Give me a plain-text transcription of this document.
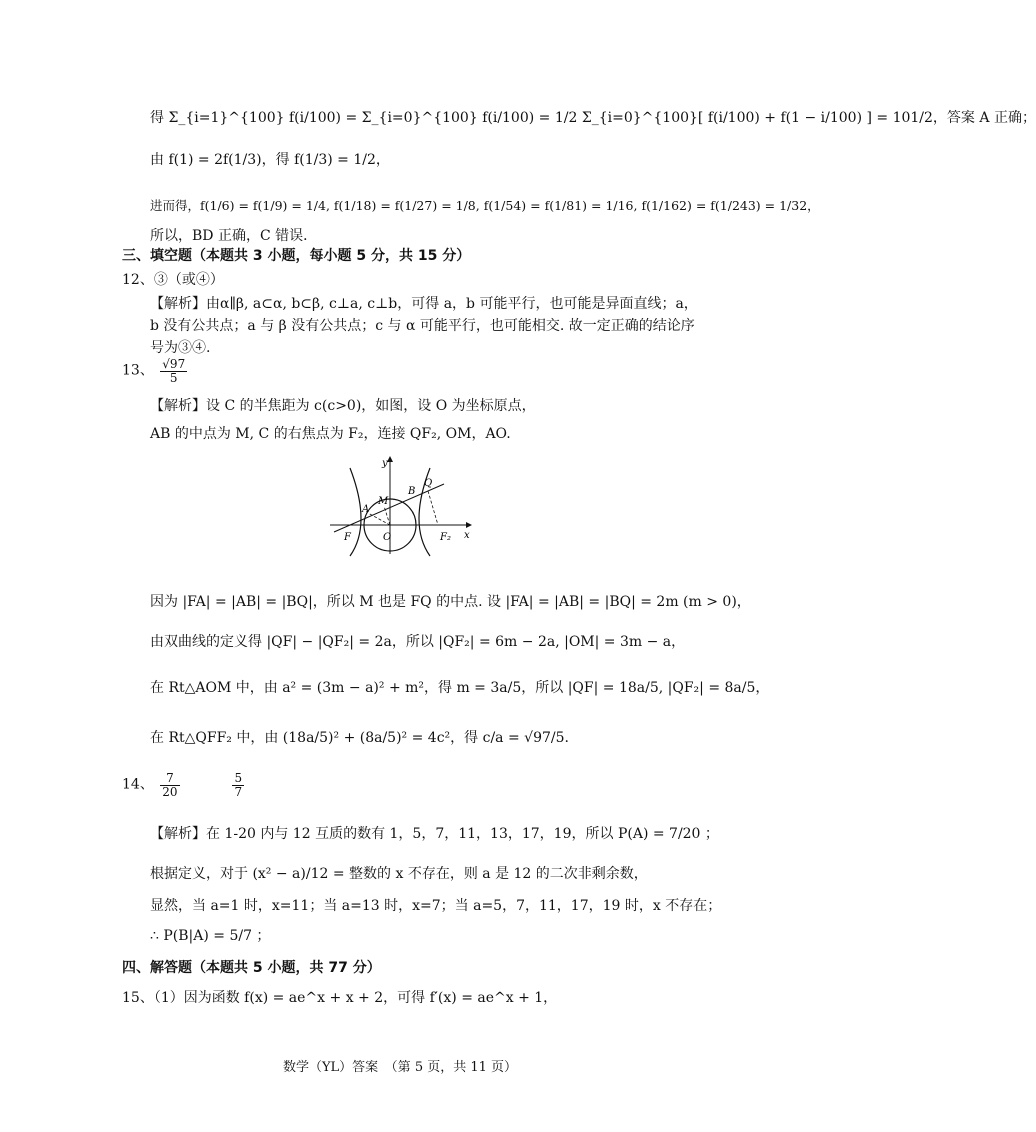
得 Σ_{i=1}^{100} f(i/100) = Σ_{i=0}^{100} f(i/100) = 1/2 Σ_{i=0}^{100}[ f(i/100) + f(1 − i/100) ] = 101/2，答案 A 正确；
由 f(1) = 2f(1/3)，得 f(1/3) = 1/2，
进而得，f(1/6) = f(1/9) = 1/4, f(1/18) = f(1/27) = 1/8, f(1/54) = f(1/81) = 1/16, f(1/162) = f(1/243) = 1/32，
所以，BD 正确，C 错误．
三、填空题（本题共 3 小题，每小题 5 分，共 15 分）
12、③（或④）
【解析】由α∥β, a⊂α, b⊂β, c⊥a, c⊥b，可得 a，b 可能平行，也可能是异面直线；a，
b 没有公共点；a 与 β 没有公共点；c 与 α 可能平行，也可能相交. 故一定正确的结论序
号为③④.
13、 $\frac{√97}{5}$
【解析】设 C 的半焦距为 c(c>0)，如图，设 O 为坐标原点，
AB 的中点为 M, C 的右焦点为 F₂，连接 QF₂, OM，AO.
y
x
F	O	F₂
A
M
B
Q
因为 |FA| = |AB| = |BQ|，所以 M 也是 FQ 的中点. 设 |FA| = |AB| = |BQ| = 2m (m > 0)，
由双曲线的定义得 |QF| − |QF₂| = 2a，所以 |QF₂| = 6m − 2a, |OM| = 3m − a，
在 Rt△AOM 中，由 a² = (3m − a)² + m²，得 m = 3a/5，所以 |QF| = 18a/5, |QF₂| = 8a/5，
在 Rt△QFF₂ 中，由 (18a/5)² + (8a/5)² = 4c²，得 c/a = √97/5.
14、 $\frac{7}{20}$
	$\frac{5}{7}$
【解析】在 1-20 内与 12 互质的数有 1，5，7，11，13，17，19，所以 P(A) = 7/20 ；
根据定义，对于 (x² − a)/12 = 整数的 x 不存在，则 a 是 12 的二次非剩余数，
显然，当 a=1 时，x=11；当 a=13 时，x=7；当 a=5，7，11，17，19 时，x 不存在；
∴ P(B|A) = 5/7 ；
四、解答题（本题共 5 小题，共 77 分）
15、（1）因为函数 f(x) = ae^x + x + 2，可得 f′(x) = ae^x + 1，
数学（YL）答案　（第 5 页，共 11 页）
